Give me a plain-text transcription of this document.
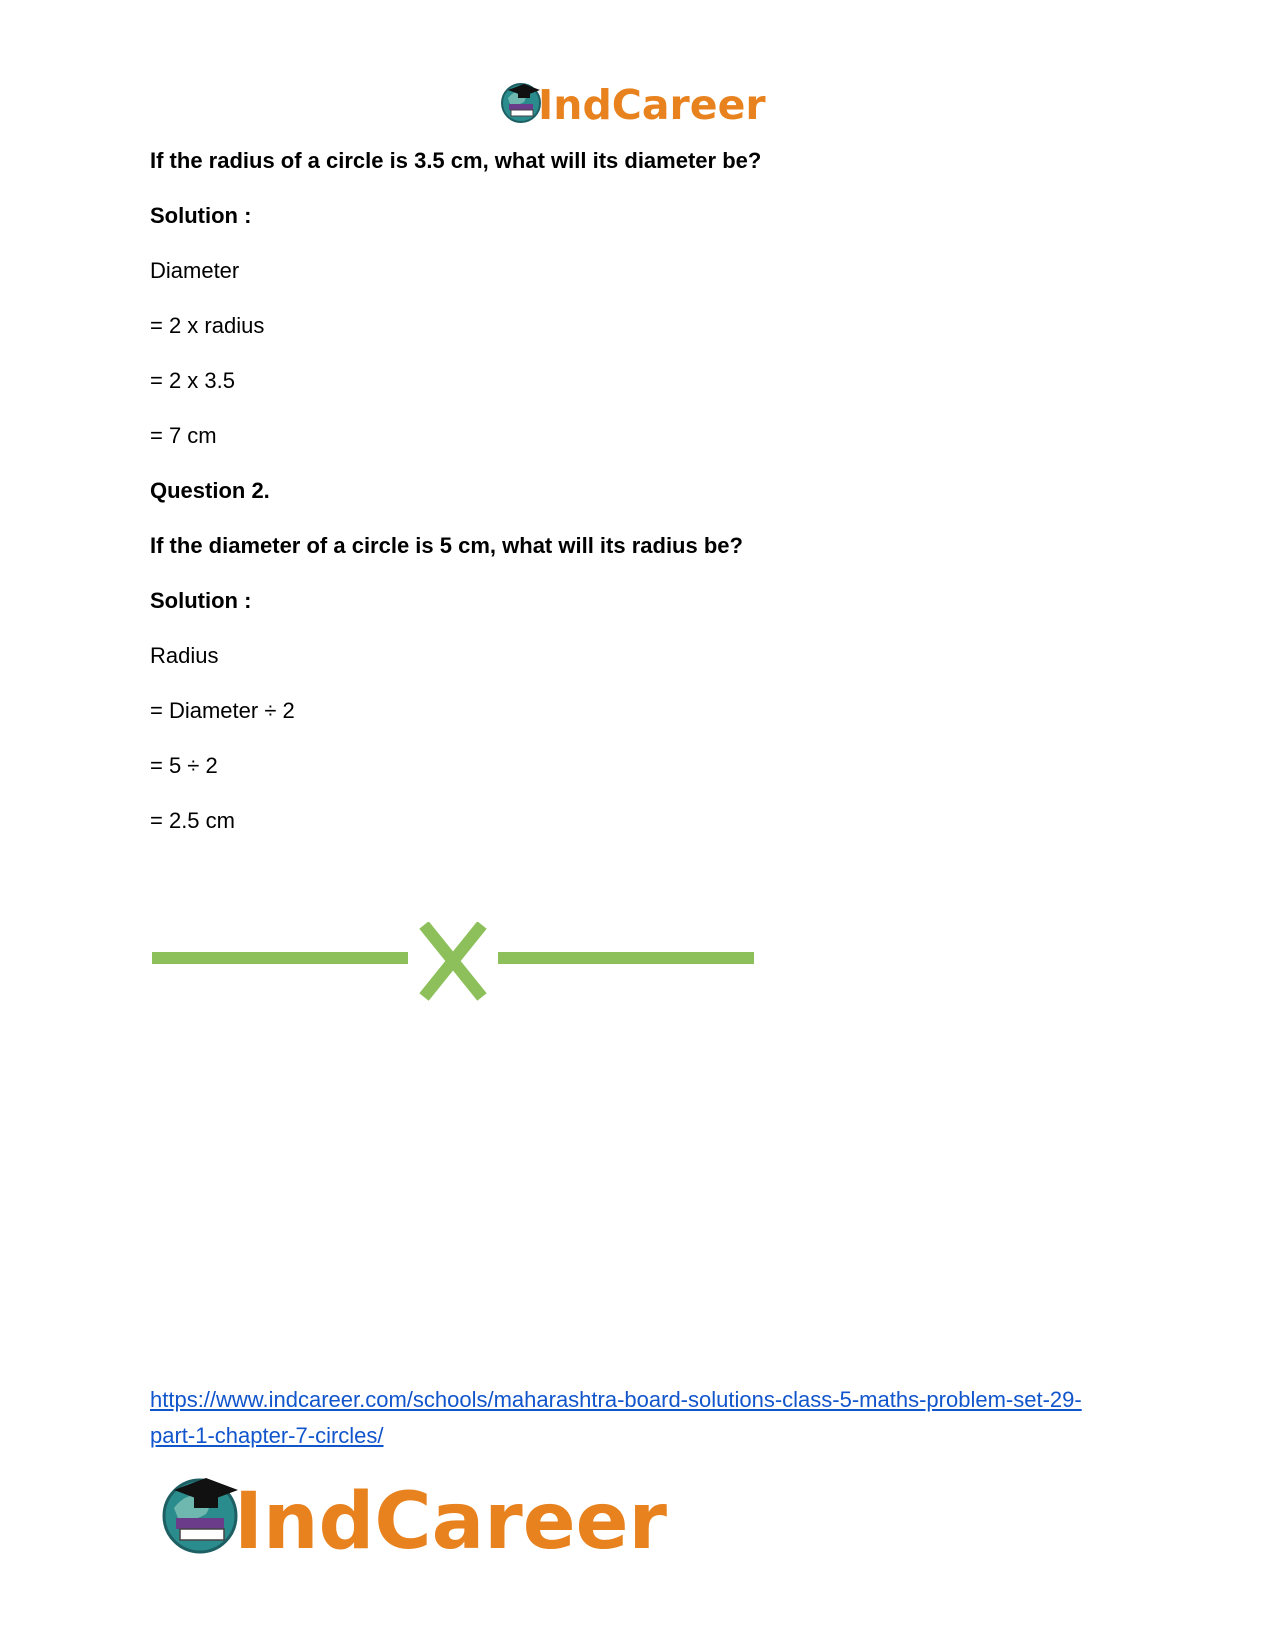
IndCareer
If the radius of a circle is 3.5 cm, what will its diameter be?
Solution :
Diameter
= 2 x radius
= 2 x 3.5
= 7 cm
Question 2.
If the diameter of a circle is 5 cm, what will its radius be?
Solution :
Radius
= Diameter ÷ 2
= 5 ÷ 2
= 2.5 cm
https://www.indcareer.com/schools/maharashtra-board-solutions-class-5-maths-problem-set-29-
part-1-chapter-7-circles/
IndCareer
